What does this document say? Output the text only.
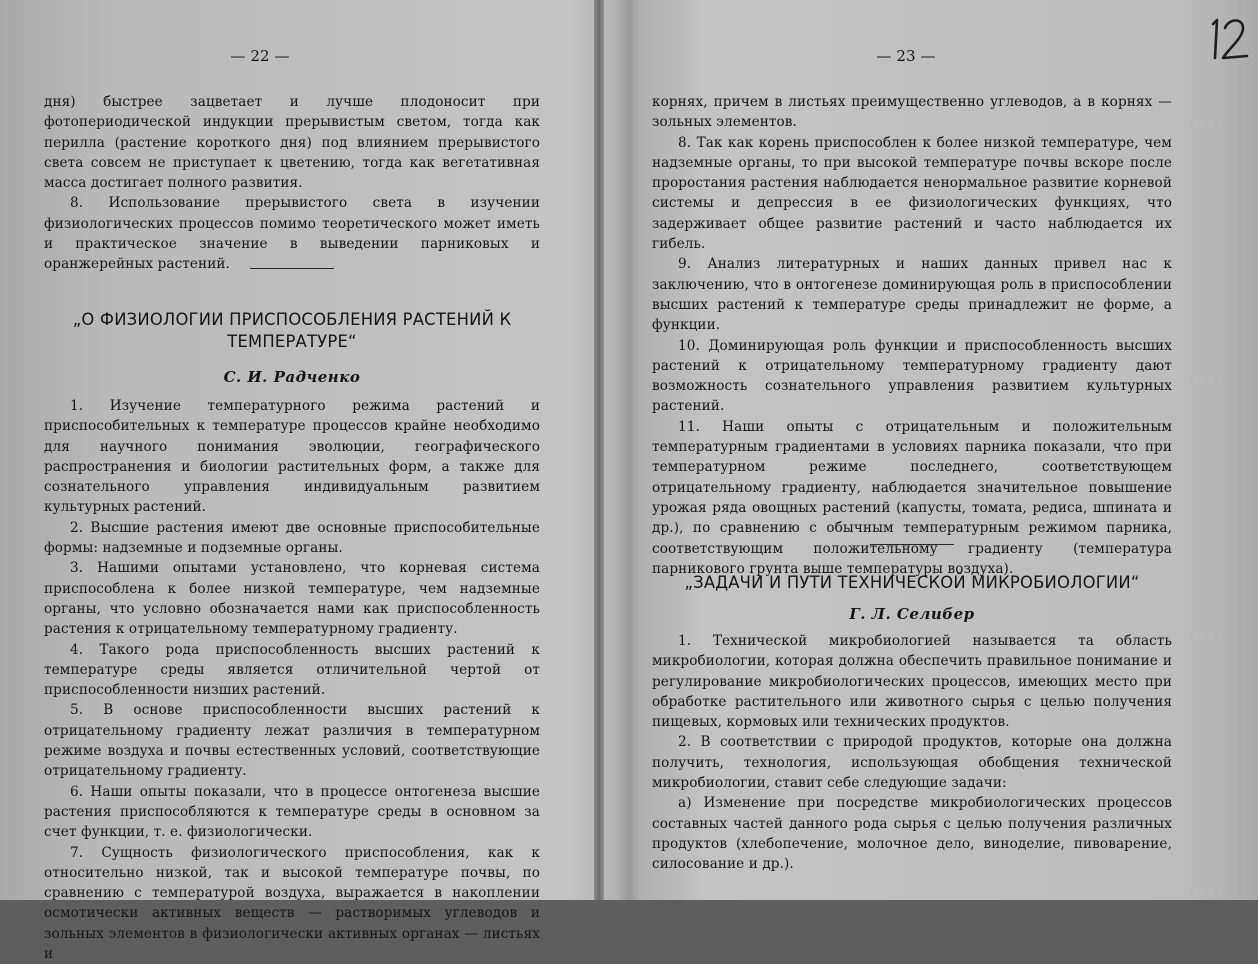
— 22 —

дня) быстрее зацветает и лучше плодоносит при фотопериодической индукции прерывистым светом, тогда как перилла (растение короткого дня) под влиянием прерывистого света совсем не приступает к цветению, тогда как вегетативная масса достигает полного развития.

8. Использование прерывистого света в изучении физиологических процессов помимо теоретического может иметь и практическое значение в выведении парниковых и оранжерейных растений.

„О ФИЗИОЛОГИИ ПРИСПОСОБЛЕНИЯ РАСТЕНИЙ К ТЕМПЕРАТУРЕ“
С. И. Радченко

1. Изучение температурного режима растений и приспособительных к температуре процессов крайне необходимо для научного понимания эволюции, географического распространения и биологии растительных форм, а также для сознательного управления индивидуальным развитием культурных растений.

2. Высшие растения имеют две основные приспособительные формы: надземные и подземные органы.

3. Нашими опытами установлено, что корневая система приспособлена к более низкой температуре, чем надземные органы, что условно обозначается нами как приспособленность растения к отрицательному температурному градиенту.

4. Такого рода приспособленность высших растений к температуре среды является отличительной чертой от приспособленности низших растений.

5. В основе приспособленности высших растений к отрицательному градиенту лежат различия в температурном режиме воздуха и почвы естественных условий, соответствующие отрицательному градиенту.

6. Наши опыты показали, что в процессе онтогенеза высшие растения приспособляются к температуре среды в основном за счет функции, т. е. физиологически.

7. Сущность физиологического приспособления, как к относительно низкой, так и высокой температуре почвы, по сравнению с температурой воздуха, выражается в накоплении осмотически активных веществ — растворимых углеводов и зольных элементов в физиологически активных органах — листьях и

— 23 —

корнях, причем в листьях преимущественно углеводов, а в корнях — зольных элементов.

8. Так как корень приспособлен к более низкой температуре, чем надземные органы, то при высокой температуре почвы вскоре после проростания растения наблюдается ненормальное развитие корневой системы и депрессия в ее физиологических функциях, что задерживает общее развитие растений и часто наблюдается их гибель.

9. Анализ литературных и наших данных привел нас к заключению, что в онтогенезе доминирующая роль в приспособлении высших растений к температуре среды принадлежит не форме, а функции.

10. Доминирующая роль функции и приспособленность высших растений к отрицательному температурному градиенту дают возможность сознательного управления развитием культурных растений.

11. Наши опыты с отрицательным и положительным температурным градиентами в условиях парника показали, что при температурном режиме последнего, соответствующем отрицательному градиенту, наблюдается значительное повышение урожая ряда овощных растений (капусты, томата, редиса, шпината и др.), по сравнению с обычным температурным режимом парника, соответствующим положительному градиенту (температура парникового грунта выше температуры воздуха).

„ЗАДАЧИ И ПУТИ ТЕХНИЧЕСКОЙ МИКРОБИОЛОГИИ“
Г. Л. Селибер

1. Технической микробиологией называется та область микробиологии, которая должна обеспечить правильное понимание и регулирование микробиологических процессов, имеющих место при обработке растительного или животного сырья с целью получения пищевых, кормовых или технических продуктов.

2. В соответствии с природой продуктов, которые она должна получить, технология, использующая обобщения технической микробиологии, ставит себе следующие задачи:

а) Изменение при посредстве микробиологических процессов составных частей данного рода сырья с целью получения различных продуктов (хлебопечение, молочное дело, виноделие, пивоварение, силосование и др.).
